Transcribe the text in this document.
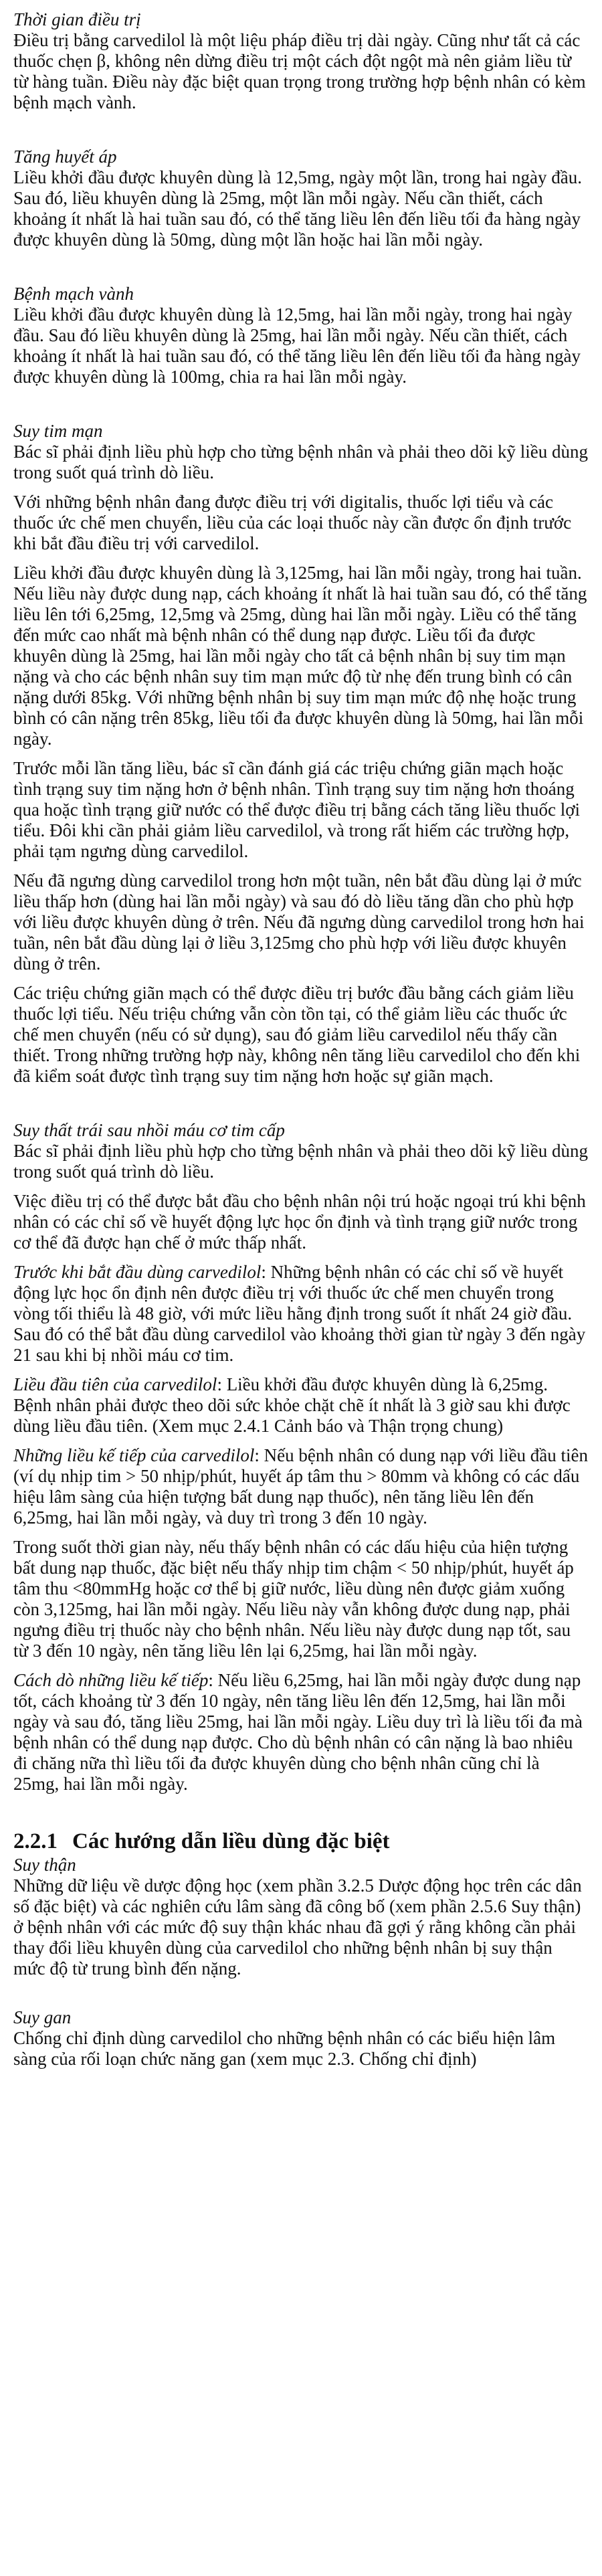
Thời gian điều trị

Điều trị bằng carvedilol là một liệu pháp điều trị dài ngày. Cũng như tất cả các thuốc chẹn β, không nên dừng điều trị một cách đột ngột mà nên giảm liều từ từ hàng tuần. Điều này đặc biệt quan trọng trong trường hợp bệnh nhân có kèm bệnh mạch vành.

Tăng huyết áp

Liều khởi đầu được khuyên dùng là 12,5mg, ngày một lần, trong hai ngày đầu. Sau đó, liều khuyên dùng là 25mg, một lần mỗi ngày. Nếu cần thiết, cách khoảng ít nhất là hai tuần sau đó, có thể tăng liều lên đến liều tối đa hàng ngày được khuyên dùng là 50mg, dùng một lần hoặc hai lần mỗi ngày.

Bệnh mạch vành

Liều khởi đầu được khuyên dùng là 12,5mg, hai lần mỗi ngày, trong hai ngày đầu. Sau đó liều khuyên dùng là 25mg, hai lần mỗi ngày. Nếu cần thiết, cách khoảng ít nhất là hai tuần sau đó, có thể tăng liều lên đến liều tối đa hàng ngày được khuyên dùng là 100mg, chia ra hai lần mỗi ngày.

Suy tim mạn

Bác sĩ phải định liều phù hợp cho từng bệnh nhân và phải theo dõi kỹ liều dùng trong suốt quá trình dò liều.

Với những bệnh nhân đang được điều trị với digitalis, thuốc lợi tiểu và các thuốc ức chế men chuyển, liều của các loại thuốc này cần được ổn định trước khi bắt đầu điều trị với carvedilol.

Liều khởi đầu được khuyên dùng là 3,125mg, hai lần mỗi ngày, trong hai tuần. Nếu liều này được dung nạp, cách khoảng ít nhất là hai tuần sau đó, có thể tăng liều lên tới 6,25mg, 12,5mg và 25mg, dùng hai lần mỗi ngày. Liều có thể tăng đến mức cao nhất mà bệnh nhân có thể dung nạp được. Liều tối đa được khuyên dùng là 25mg, hai lần mỗi ngày cho tất cả bệnh nhân bị suy tim mạn nặng và cho các bệnh nhân suy tim mạn mức độ từ nhẹ đến trung bình có cân nặng dưới 85kg. Với những bệnh nhân bị suy tim mạn mức độ nhẹ hoặc trung bình có cân nặng trên 85kg, liều tối đa được khuyên dùng là 50mg, hai lần mỗi ngày.

Trước mỗi lần tăng liều, bác sĩ cần đánh giá các triệu chứng giãn mạch hoặc tình trạng suy tim nặng hơn ở bệnh nhân. Tình trạng suy tim nặng hơn thoáng qua hoặc tình trạng giữ nước có thể được điều trị bằng cách tăng liều thuốc lợi tiểu. Đôi khi cần phải giảm liều carvedilol, và trong rất hiếm các trường hợp, phải tạm ngưng dùng carvedilol.

Nếu đã ngưng dùng carvedilol trong hơn một tuần, nên bắt đầu dùng lại ở mức liều thấp hơn (dùng hai lần mỗi ngày) và sau đó dò liều tăng dần cho phù hợp với liều được khuyên dùng ở trên. Nếu đã ngưng dùng carvedilol trong hơn hai tuần, nên bắt đầu dùng lại ở liều 3,125mg cho phù hợp với liều được khuyên dùng ở trên.

Các triệu chứng giãn mạch có thể được điều trị bước đầu bằng cách giảm liều thuốc lợi tiểu. Nếu triệu chứng vẫn còn tồn tại, có thể giảm liều các thuốc ức chế men chuyển (nếu có sử dụng), sau đó giảm liều carvedilol nếu thấy cần thiết. Trong những trường hợp này, không nên tăng liều carvedilol cho đến khi đã kiểm soát được tình trạng suy tim nặng hơn hoặc sự giãn mạch.

Suy thất trái sau nhồi máu cơ tim cấp

Bác sĩ phải định liều phù hợp cho từng bệnh nhân và phải theo dõi kỹ liều dùng trong suốt quá trình dò liều.

Việc điều trị có thể được bắt đầu cho bệnh nhân nội trú hoặc ngoại trú khi bệnh nhân có các chỉ số về huyết động lực học ổn định và tình trạng giữ nước trong cơ thể đã được hạn chế ở mức thấp nhất.

Trước khi bắt đầu dùng carvedilol: Những bệnh nhân có các chỉ số về huyết động lực học ổn định nên được điều trị với thuốc ức chế men chuyển trong vòng tối thiểu là 48 giờ, với mức liều hằng định trong suốt ít nhất 24 giờ đầu. Sau đó có thể bắt đầu dùng carvedilol vào khoảng thời gian từ ngày 3 đến ngày 21 sau khi bị nhồi máu cơ tim.

Liều đầu tiên của carvedilol: Liều khởi đầu được khuyên dùng là 6,25mg. Bệnh nhân phải được theo dõi sức khỏe chặt chẽ ít nhất là 3 giờ sau khi được dùng liều đầu tiên. (Xem mục 2.4.1 Cảnh báo và Thận trọng chung)

Những liều kế tiếp của carvedilol: Nếu bệnh nhân có dung nạp với liều đầu tiên (ví dụ nhịp tim > 50 nhịp/phút, huyết áp tâm thu > 80mm và không có các dấu hiệu lâm sàng của hiện tượng bất dung nạp thuốc), nên tăng liều lên đến 6,25mg, hai lần mỗi ngày, và duy trì trong 3 đến 10 ngày.

Trong suốt thời gian này, nếu thấy bệnh nhân có các dấu hiệu của hiện tượng bất dung nạp thuốc, đặc biệt nếu thấy nhịp tim chậm < 50 nhịp/phút, huyết áp tâm thu <80mmHg hoặc cơ thể bị giữ nước, liều dùng nên được giảm xuống còn 3,125mg, hai lần mỗi ngày. Nếu liều này vẫn không được dung nạp, phải ngưng điều trị thuốc này cho bệnh nhân. Nếu liều này được dung nạp tốt, sau từ 3 đến 10 ngày, nên tăng liều lên lại 6,25mg, hai lần mỗi ngày.

Cách dò những liều kế tiếp: Nếu liều 6,25mg, hai lần mỗi ngày được dung nạp tốt, cách khoảng từ 3 đến 10 ngày, nên tăng liều lên đến 12,5mg, hai lần mỗi ngày và sau đó, tăng liều 25mg, hai lần mỗi ngày. Liều duy trì là liều tối đa mà bệnh nhân có thể dung nạp được. Cho dù bệnh nhân có cân nặng là bao nhiêu đi chăng nữa thì liều tối đa được khuyên dùng cho bệnh nhân cũng chỉ là 25mg, hai lần mỗi ngày.

2.2.1 Các hướng dẫn liều dùng đặc biệt

Suy thận

Những dữ liệu về dược động học (xem phần 3.2.5 Dược động học trên các dân số đặc biệt) và các nghiên cứu lâm sàng đã công bố (xem phần 2.5.6 Suy thận) ở bệnh nhân với các mức độ suy thận khác nhau đã gợi ý rằng không cần phải thay đổi liều khuyên dùng của carvedilol cho những bệnh nhân bị suy thận mức độ từ trung bình đến nặng.

Suy gan

Chống chỉ định dùng carvedilol cho những bệnh nhân có các biểu hiện lâm sàng của rối loạn chức năng gan (xem mục 2.3. Chống chỉ định)
